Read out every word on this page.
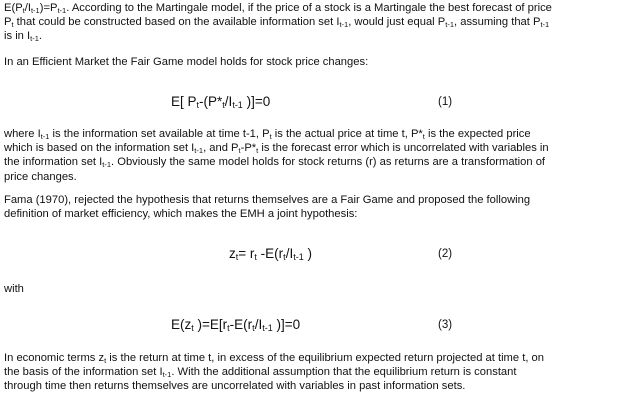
$E(P_t/I_{t-1})=P_{t-1}$. According to the Martingale model, if the price of a stock is a Martingale the best forecast of price
$P_t$ that could be constructed based on the available information set $I_{t-1}$, would just equal $P_{t-1}$, assuming that $P_{t-1}$
is in $I_{t-1}$.
In an Efficient Market the Fair Game model holds for stock price changes:
E[ $P_t-(P*_t/I_{t-1}$ )]=0	(1)
where $I_{t-1}$ is the information set available at time t-1, $P_t$ is the actual price at time t, $P*_t$ is the expected price
which is based on the information set $I_{t-1}$, and $P_t-P*_t$ is the forecast error which is uncorrelated with variables in
the information set $I_{t-1}$. Obviously the same model holds for stock returns (r) as returns are a transformation of
price changes.
Fama (1970), rejected the hypothesis that returns themselves are a Fair Game and proposed the following
definition of market efficiency, which makes the EMH a joint hypothesis:
$z_t= r_t$ $-E(r_t/I_{t-1}$ )	(2)
with
$E(z_t$ )$=E[r_t-E(r_t/I_{t-1}$ )]=0	(3)
In economic terms $z_t$ is the return at time t, in excess of the equilibrium expected return projected at time t, on
the basis of the information set $I_{t-1}$. With the additional assumption that the equilibrium return is constant
through time then returns themselves are uncorrelated with variables in past information sets.
